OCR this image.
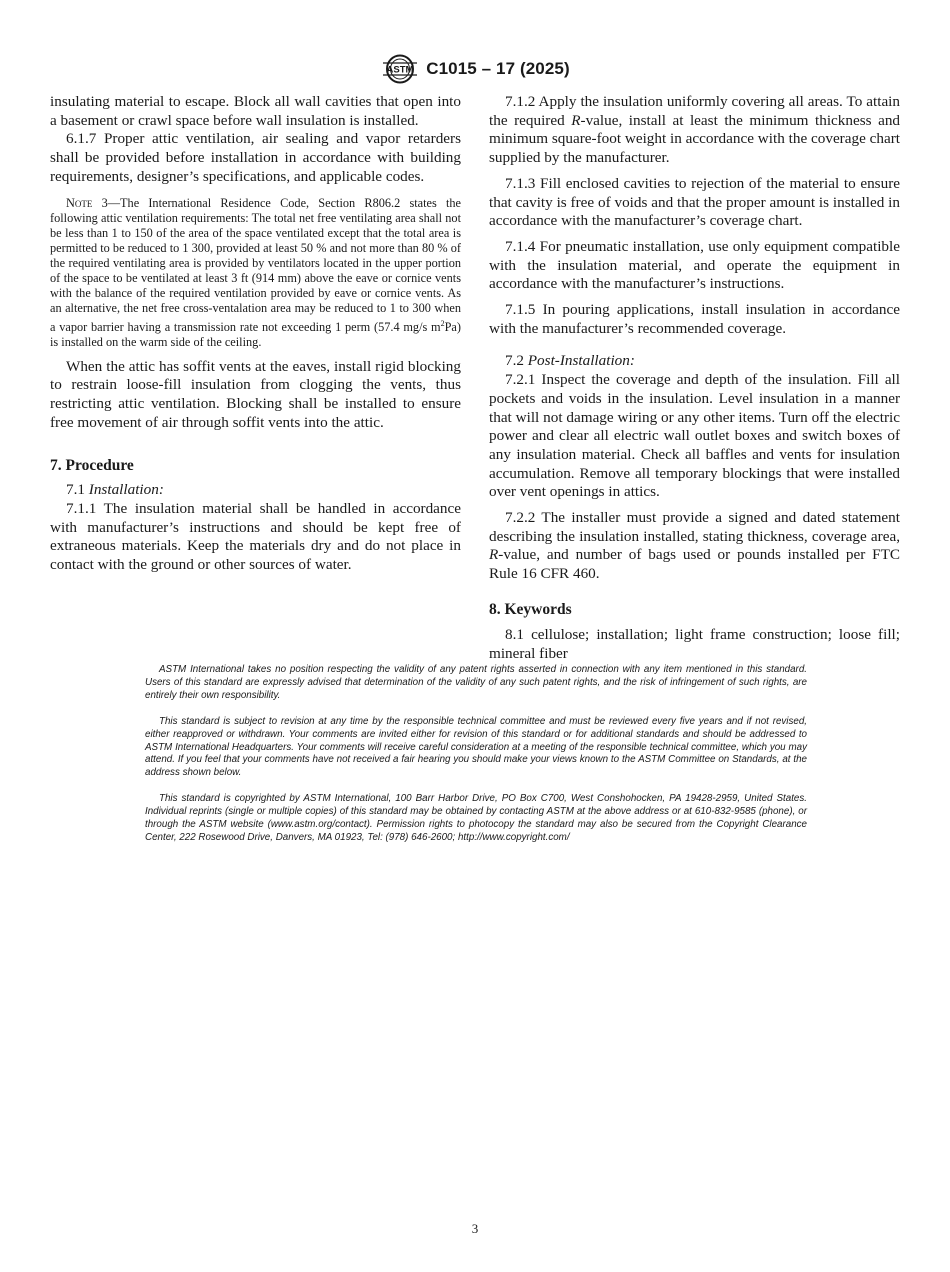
ASTM C1015 – 17 (2025)

insulating material to escape. Block all wall cavities that open into a basement or crawl space before wall insulation is installed.

6.1.7 Proper attic ventilation, air sealing and vapor retarders shall be provided before installation in accordance with building requirements, designer’s specifications, and applicable codes.

Note 3—The International Residence Code, Section R806.2 states the following attic ventilation requirements: The total net free ventilating area shall not be less than 1 to 150 of the area of the space ventilated except that the total area is permitted to be reduced to 1 300, provided at least 50 % and not more than 80 % of the required ventilating area is provided by ventilators located in the upper portion of the space to be ventilated at least 3 ft (914 mm) above the eave or cornice vents with the balance of the required ventilation provided by eave or cornice vents. As an alternative, the net free cross-ventalation area may be reduced to 1 to 300 when a vapor barrier having a transmission rate not exceeding 1 perm (57.4 mg/s $m^2Pa$) is installed on the warm side of the ceiling.

When the attic has soffit vents at the eaves, install rigid blocking to restrain loose-fill insulation from clogging the vents, thus restricting attic ventilation. Blocking shall be installed to ensure free movement of air through soffit vents into the attic.

7. Procedure

7.1 Installation:

7.1.1 The insulation material shall be handled in accordance with manufacturer’s instructions and should be kept free of extraneous materials. Keep the materials dry and do not place in contact with the ground or other sources of water.

7.1.2 Apply the insulation uniformly covering all areas. To attain the required R-value, install at least the minimum thickness and minimum square-foot weight in accordance with the coverage chart supplied by the manufacturer.

7.1.3 Fill enclosed cavities to rejection of the material to ensure that cavity is free of voids and that the proper amount is installed in accordance with the manufacturer’s coverage chart.

7.1.4 For pneumatic installation, use only equipment compatible with the insulation material, and operate the equipment in accordance with the manufacturer’s instructions.

7.1.5 In pouring applications, install insulation in accordance with the manufacturer’s recommended coverage.

7.2 Post-Installation:

7.2.1 Inspect the coverage and depth of the insulation. Fill all pockets and voids in the insulation. Level insulation in a manner that will not damage wiring or any other items. Turn off the electric power and clear all electric wall outlet boxes and switch boxes of any insulation material. Check all baffles and vents for insulation accumulation. Remove all temporary blockings that were installed over vent openings in attics.

7.2.2 The installer must provide a signed and dated statement describing the insulation installed, stating thickness, coverage area, R-value, and number of bags used or pounds installed per FTC Rule 16 CFR 460.

8. Keywords

8.1 cellulose; installation; light frame construction; loose fill; mineral fiber

ASTM International takes no position respecting the validity of any patent rights asserted in connection with any item mentioned in this standard. Users of this standard are expressly advised that determination of the validity of any such patent rights, and the risk of infringement of such rights, are entirely their own responsibility.

This standard is subject to revision at any time by the responsible technical committee and must be reviewed every five years and if not revised, either reapproved or withdrawn. Your comments are invited either for revision of this standard or for additional standards and should be addressed to ASTM International Headquarters. Your comments will receive careful consideration at a meeting of the responsible technical committee, which you may attend. If you feel that your comments have not received a fair hearing you should make your views known to the ASTM Committee on Standards, at the address shown below.

This standard is copyrighted by ASTM International, 100 Barr Harbor Drive, PO Box C700, West Conshohocken, PA 19428-2959, United States. Individual reprints (single or multiple copies) of this standard may be obtained by contacting ASTM at the above address or at 610-832-9585 (phone), or through the ASTM website (www.astm.org/contact). Permission rights to photocopy the standard may also be secured from the Copyright Clearance Center, 222 Rosewood Drive, Danvers, MA 01923, Tel: (978) 646-2600; http://www.copyright.com/

3
